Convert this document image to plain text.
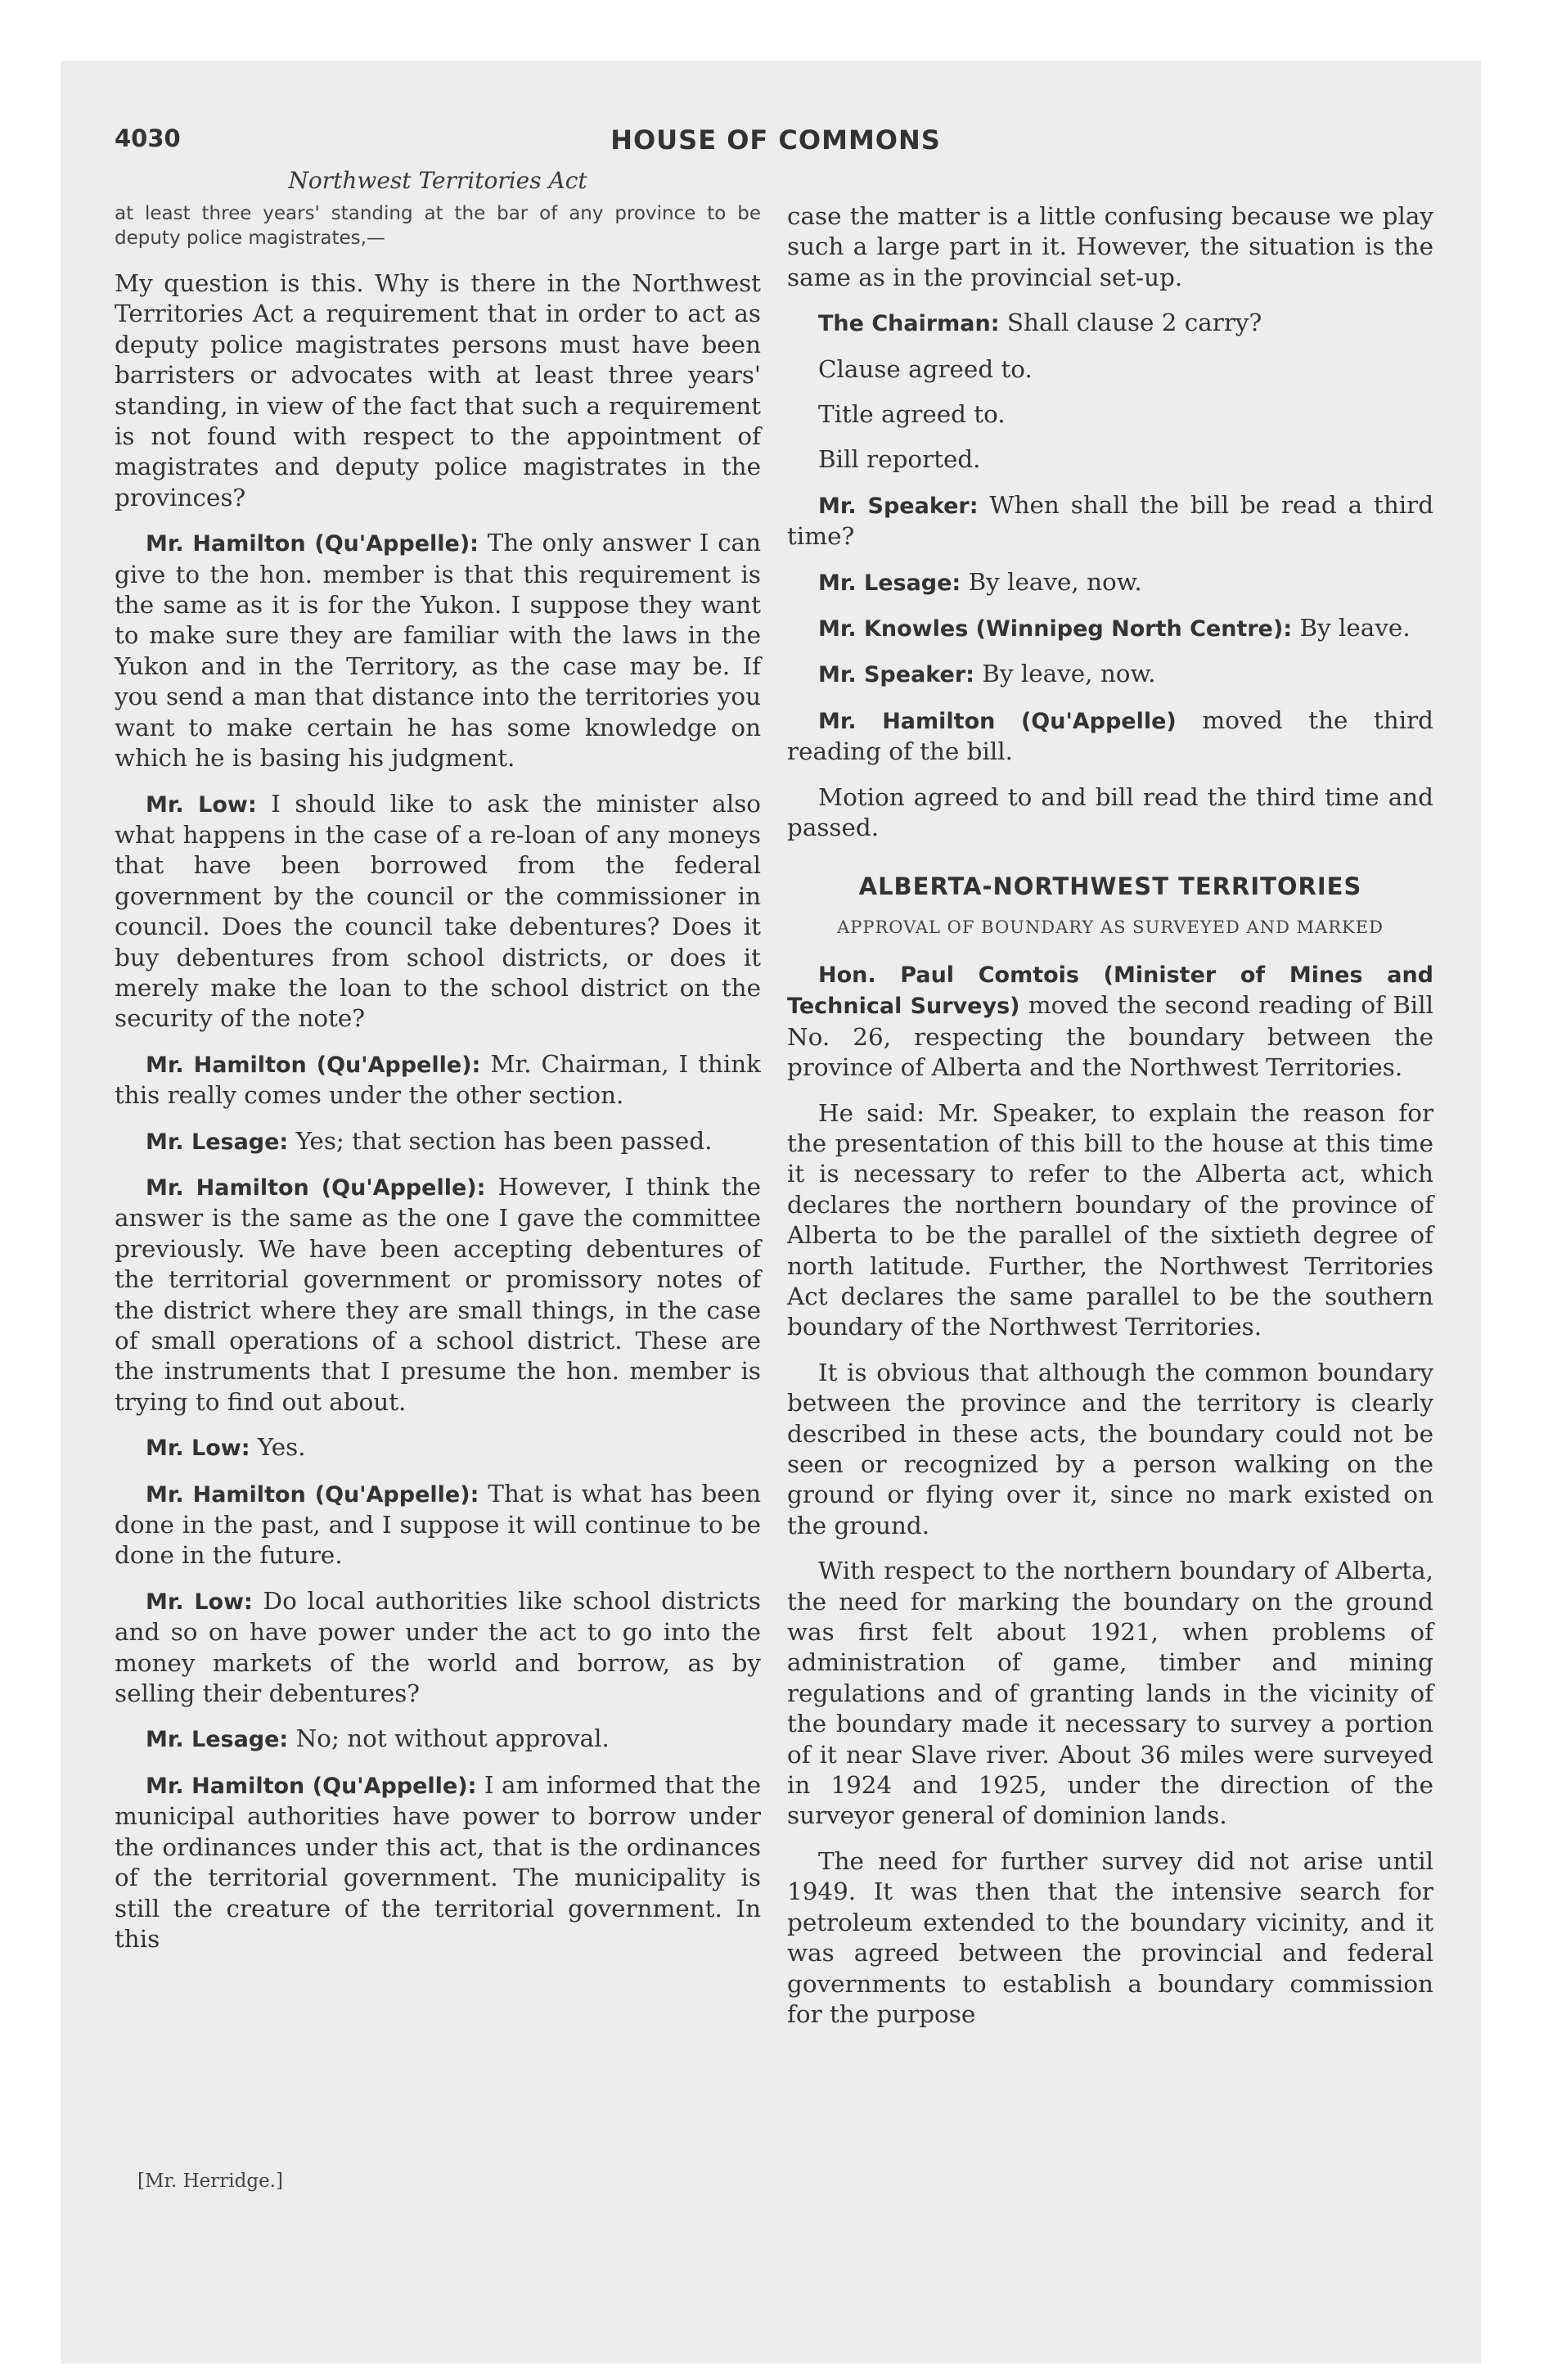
4030	HOUSE OF COMMONS
Northwest Territories Act

at least three years' standing at the bar of any province to be deputy police magistrates,—

My question is this. Why is there in the Northwest Territories Act a requirement that in order to act as deputy police magistrates persons must have been barristers or advocates with at least three years' standing, in view of the fact that such a requirement is not found with respect to the appointment of magistrates and deputy police magistrates in the provinces?

Mr. Hamilton (Qu'Appelle): The only answer I can give to the hon. member is that this requirement is the same as it is for the Yukon. I suppose they want to make sure they are familiar with the laws in the Yukon and in the Territory, as the case may be. If you send a man that distance into the territories you want to make certain he has some knowledge on which he is basing his judgment.

Mr. Low: I should like to ask the minister also what happens in the case of a re-loan of any moneys that have been borrowed from the federal government by the council or the commissioner in council. Does the council take debentures? Does it buy debentures from school districts, or does it merely make the loan to the school district on the security of the note?

Mr. Hamilton (Qu'Appelle): Mr. Chairman, I think this really comes under the other section.

Mr. Lesage: Yes; that section has been passed.

Mr. Hamilton (Qu'Appelle): However, I think the answer is the same as the one I gave the committee previously. We have been accepting debentures of the territorial government or promissory notes of the district where they are small things, in the case of small operations of a school district. These are the instruments that I presume the hon. member is trying to find out about.

Mr. Low: Yes.

Mr. Hamilton (Qu'Appelle): That is what has been done in the past, and I suppose it will continue to be done in the future.

Mr. Low: Do local authorities like school districts and so on have power under the act to go into the money markets of the world and borrow, as by selling their debentures?

Mr. Lesage: No; not without approval.

Mr. Hamilton (Qu'Appelle): I am informed that the municipal authorities have power to borrow under the ordinances under this act, that is the ordinances of the territorial government. The municipality is still the creature of the territorial government. In this

case the matter is a little confusing because we play such a large part in it. However, the situation is the same as in the provincial set-up.

The Chairman: Shall clause 2 carry?

Clause agreed to.

Title agreed to.

Bill reported.

Mr. Speaker: When shall the bill be read a third time?

Mr. Lesage: By leave, now.

Mr. Knowles (Winnipeg North Centre): By leave.

Mr. Speaker: By leave, now.

Mr. Hamilton (Qu'Appelle) moved the third reading of the bill.

Motion agreed to and bill read the third time and passed.

ALBERTA-NORTHWEST TERRITORIES
APPROVAL OF BOUNDARY AS SURVEYED AND MARKED

Hon. Paul Comtois (Minister of Mines and Technical Surveys) moved the second reading of Bill No. 26, respecting the boundary between the province of Alberta and the Northwest Territories.

He said: Mr. Speaker, to explain the reason for the presentation of this bill to the house at this time it is necessary to refer to the Alberta act, which declares the northern boundary of the province of Alberta to be the parallel of the sixtieth degree of north latitude. Further, the Northwest Territories Act declares the same parallel to be the southern boundary of the Northwest Territories.

It is obvious that although the common boundary between the province and the territory is clearly described in these acts, the boundary could not be seen or recognized by a person walking on the ground or flying over it, since no mark existed on the ground.

With respect to the northern boundary of Alberta, the need for marking the boundary on the ground was first felt about 1921, when problems of administration of game, timber and mining regulations and of granting lands in the vicinity of the boundary made it necessary to survey a portion of it near Slave river. About 36 miles were surveyed in 1924 and 1925, under the direction of the surveyor general of dominion lands.

The need for further survey did not arise until 1949. It was then that the intensive search for petroleum extended to the boundary vicinity, and it was agreed between the provincial and federal governments to establish a boundary commission for the purpose

[Mr. Herridge.]
